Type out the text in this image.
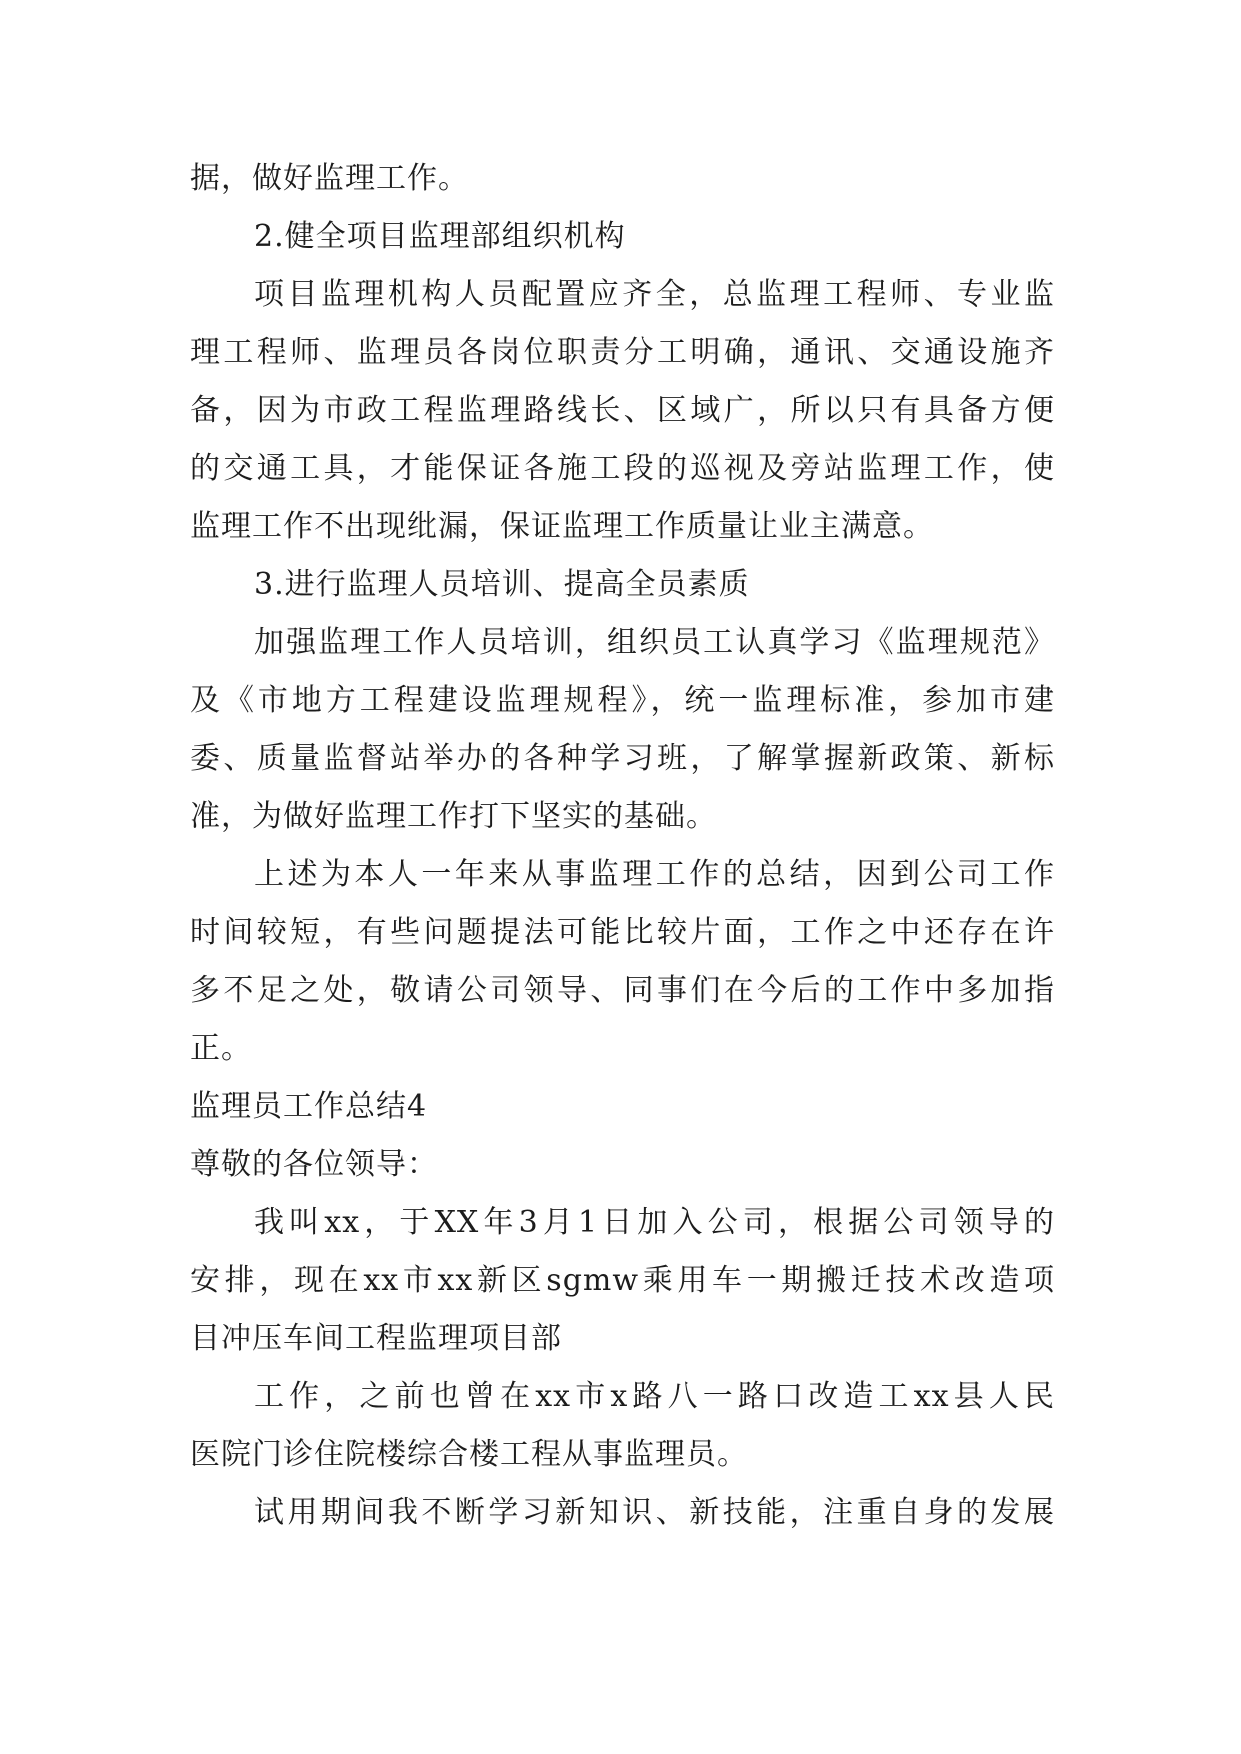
据，做好监理工作。
2.健全项目监理部组织机构
项目监理机构人员配置应齐全，总监理工程师、专业监
理工程师、监理员各岗位职责分工明确，通讯、交通设施齐
备，因为市政工程监理路线长、区域广，所以只有具备方便
的交通工具，才能保证各施工段的巡视及旁站监理工作，使
监理工作不出现纰漏，保证监理工作质量让业主满意。
3.进行监理人员培训、提高全员素质
加强监理工作人员培训，组织员工认真学习《监理规范》
及《市地方工程建设监理规程》，统一监理标准，参加市建
委、质量监督站举办的各种学习班，了解掌握新政策、新标
准，为做好监理工作打下坚实的基础。
上述为本人一年来从事监理工作的总结，因到公司工作
时间较短，有些问题提法可能比较片面，工作之中还存在许
多不足之处，敬请公司领导、同事们在今后的工作中多加指
正。
监理员工作总结4
尊敬的各位领导：
我叫xx，于XX年3月1日加入公司，根据公司领导的
安排，现在xx市xx新区sgmw乘用车一期搬迁技术改造项
目冲压车间工程监理项目部
工作，之前也曾在xx市x路八一路口改造工xx县人民
医院门诊住院楼综合楼工程从事监理员。
试用期间我不断学习新知识、新技能，注重自身的发展
